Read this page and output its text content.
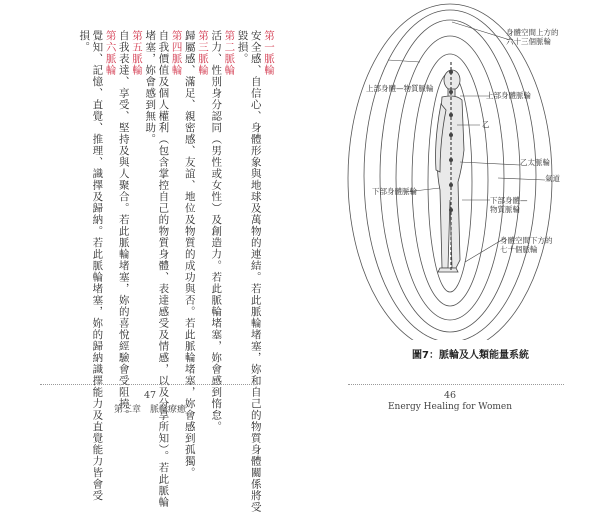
第一脈輪
安全感、自信心、身體形象與地球及萬物的連結。若此脈輪堵塞，妳和自己的物質身體關係將受
毀損。
第二脈輪
活力、性別身分認同（男性或女性）及創造力。若此脈輪堵塞，妳會感到惰怠。
第三脈輪
歸屬感、滿足、親密感、友誼、地位及物質的成功與否。若此脈輪堵塞，妳會感到孤獨。
第四脈輪
自我價值及個人權利（包含掌控自己的物質身體、表達感受及情感，以及分享所知）。若此脈輪
堵塞，妳會感到無助。
第五脈輪
自我表達、享受、堅持及與人聚合。若此脈輪堵塞，妳的喜悅經驗會受阻撓。
第六脈輪
覺知、記憶、直覺、推理、識擇及歸納。若此脈輪堵塞，妳的歸納識擇能力及直覺能力皆會受
損。
47
第三章　脈輪療癒
身體空間上方的
六十三個脈輪
上部身體—物質脈輪
上部身體脈輪
乙
乙太脈輪
氣道
下部身體脈輪
下部身體—
物質脈輪
身體空間下方的
七十個脈輪
圖7：脈輪及人類能量系統
46
Energy Healing for Women
